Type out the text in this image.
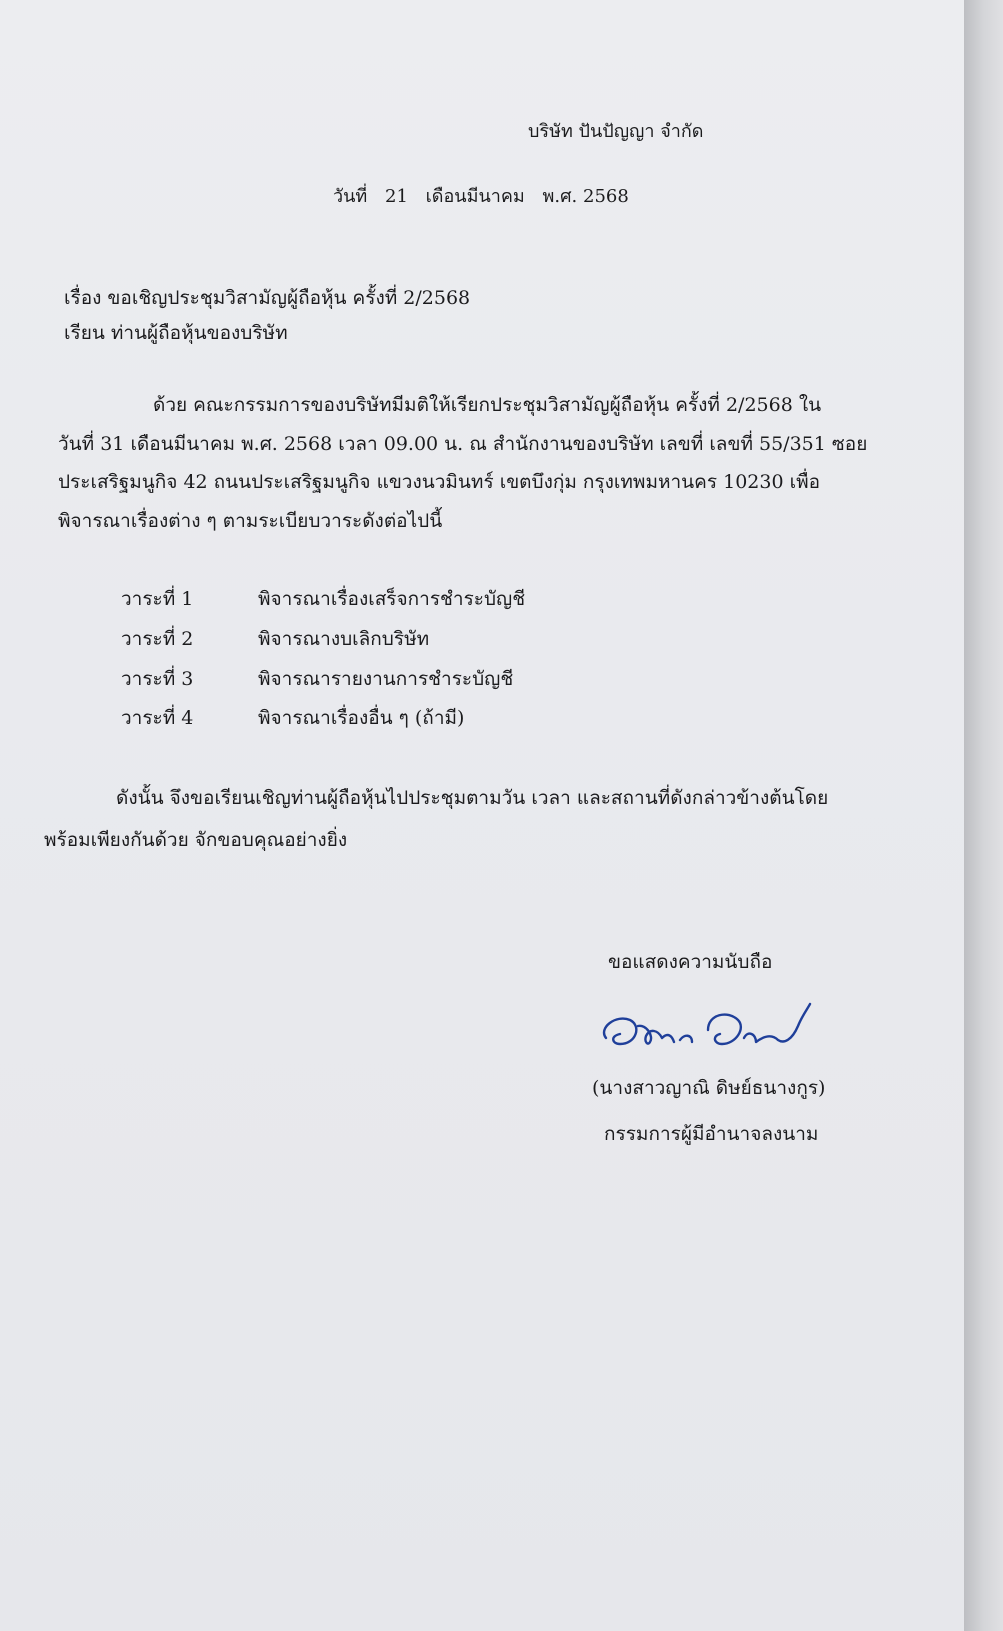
บริษัท ปันปัญญา จำกัด
วันที่ 21 เดือนมีนาคม พ.ศ. 2568
เรื่อง ขอเชิญประชุมวิสามัญผู้ถือหุ้น ครั้งที่ 2/2568
เรียน ท่านผู้ถือหุ้นของบริษัท
ด้วย คณะกรรมการของบริษัทมีมติให้เรียกประชุมวิสามัญผู้ถือหุ้น ครั้งที่ 2/2568 ใน
วันที่ 31 เดือนมีนาคม พ.ศ. 2568 เวลา 09.00 น. ณ สำนักงานของบริษัท เลขที่ เลขที่ 55/351 ซอย
ประเสริฐมนูกิจ 42 ถนนประเสริฐมนูกิจ แขวงนวมินทร์ เขตบึงกุ่ม กรุงเทพมหานคร 10230 เพื่อ
พิจารณาเรื่องต่าง ๆ ตามระเบียบวาระดังต่อไปนี้
วาระที่ 1	พิจารณาเรื่องเสร็จการชำระบัญชี
วาระที่ 2	พิจารณางบเลิกบริษัท
วาระที่ 3	พิจารณารายงานการชำระบัญชี
วาระที่ 4	พิจารณาเรื่องอื่น ๆ (ถ้ามี)
ดังนั้น จึงขอเรียนเชิญท่านผู้ถือหุ้นไปประชุมตามวัน เวลา และสถานที่ดังกล่าวข้างต้นโดย
พร้อมเพียงกันด้วย จักขอบคุณอย่างยิ่ง
ขอแสดงความนับถือ
(นางสาวญาณิ ดิษย์ธนางกูร)
กรรมการผู้มีอำนาจลงนาม
